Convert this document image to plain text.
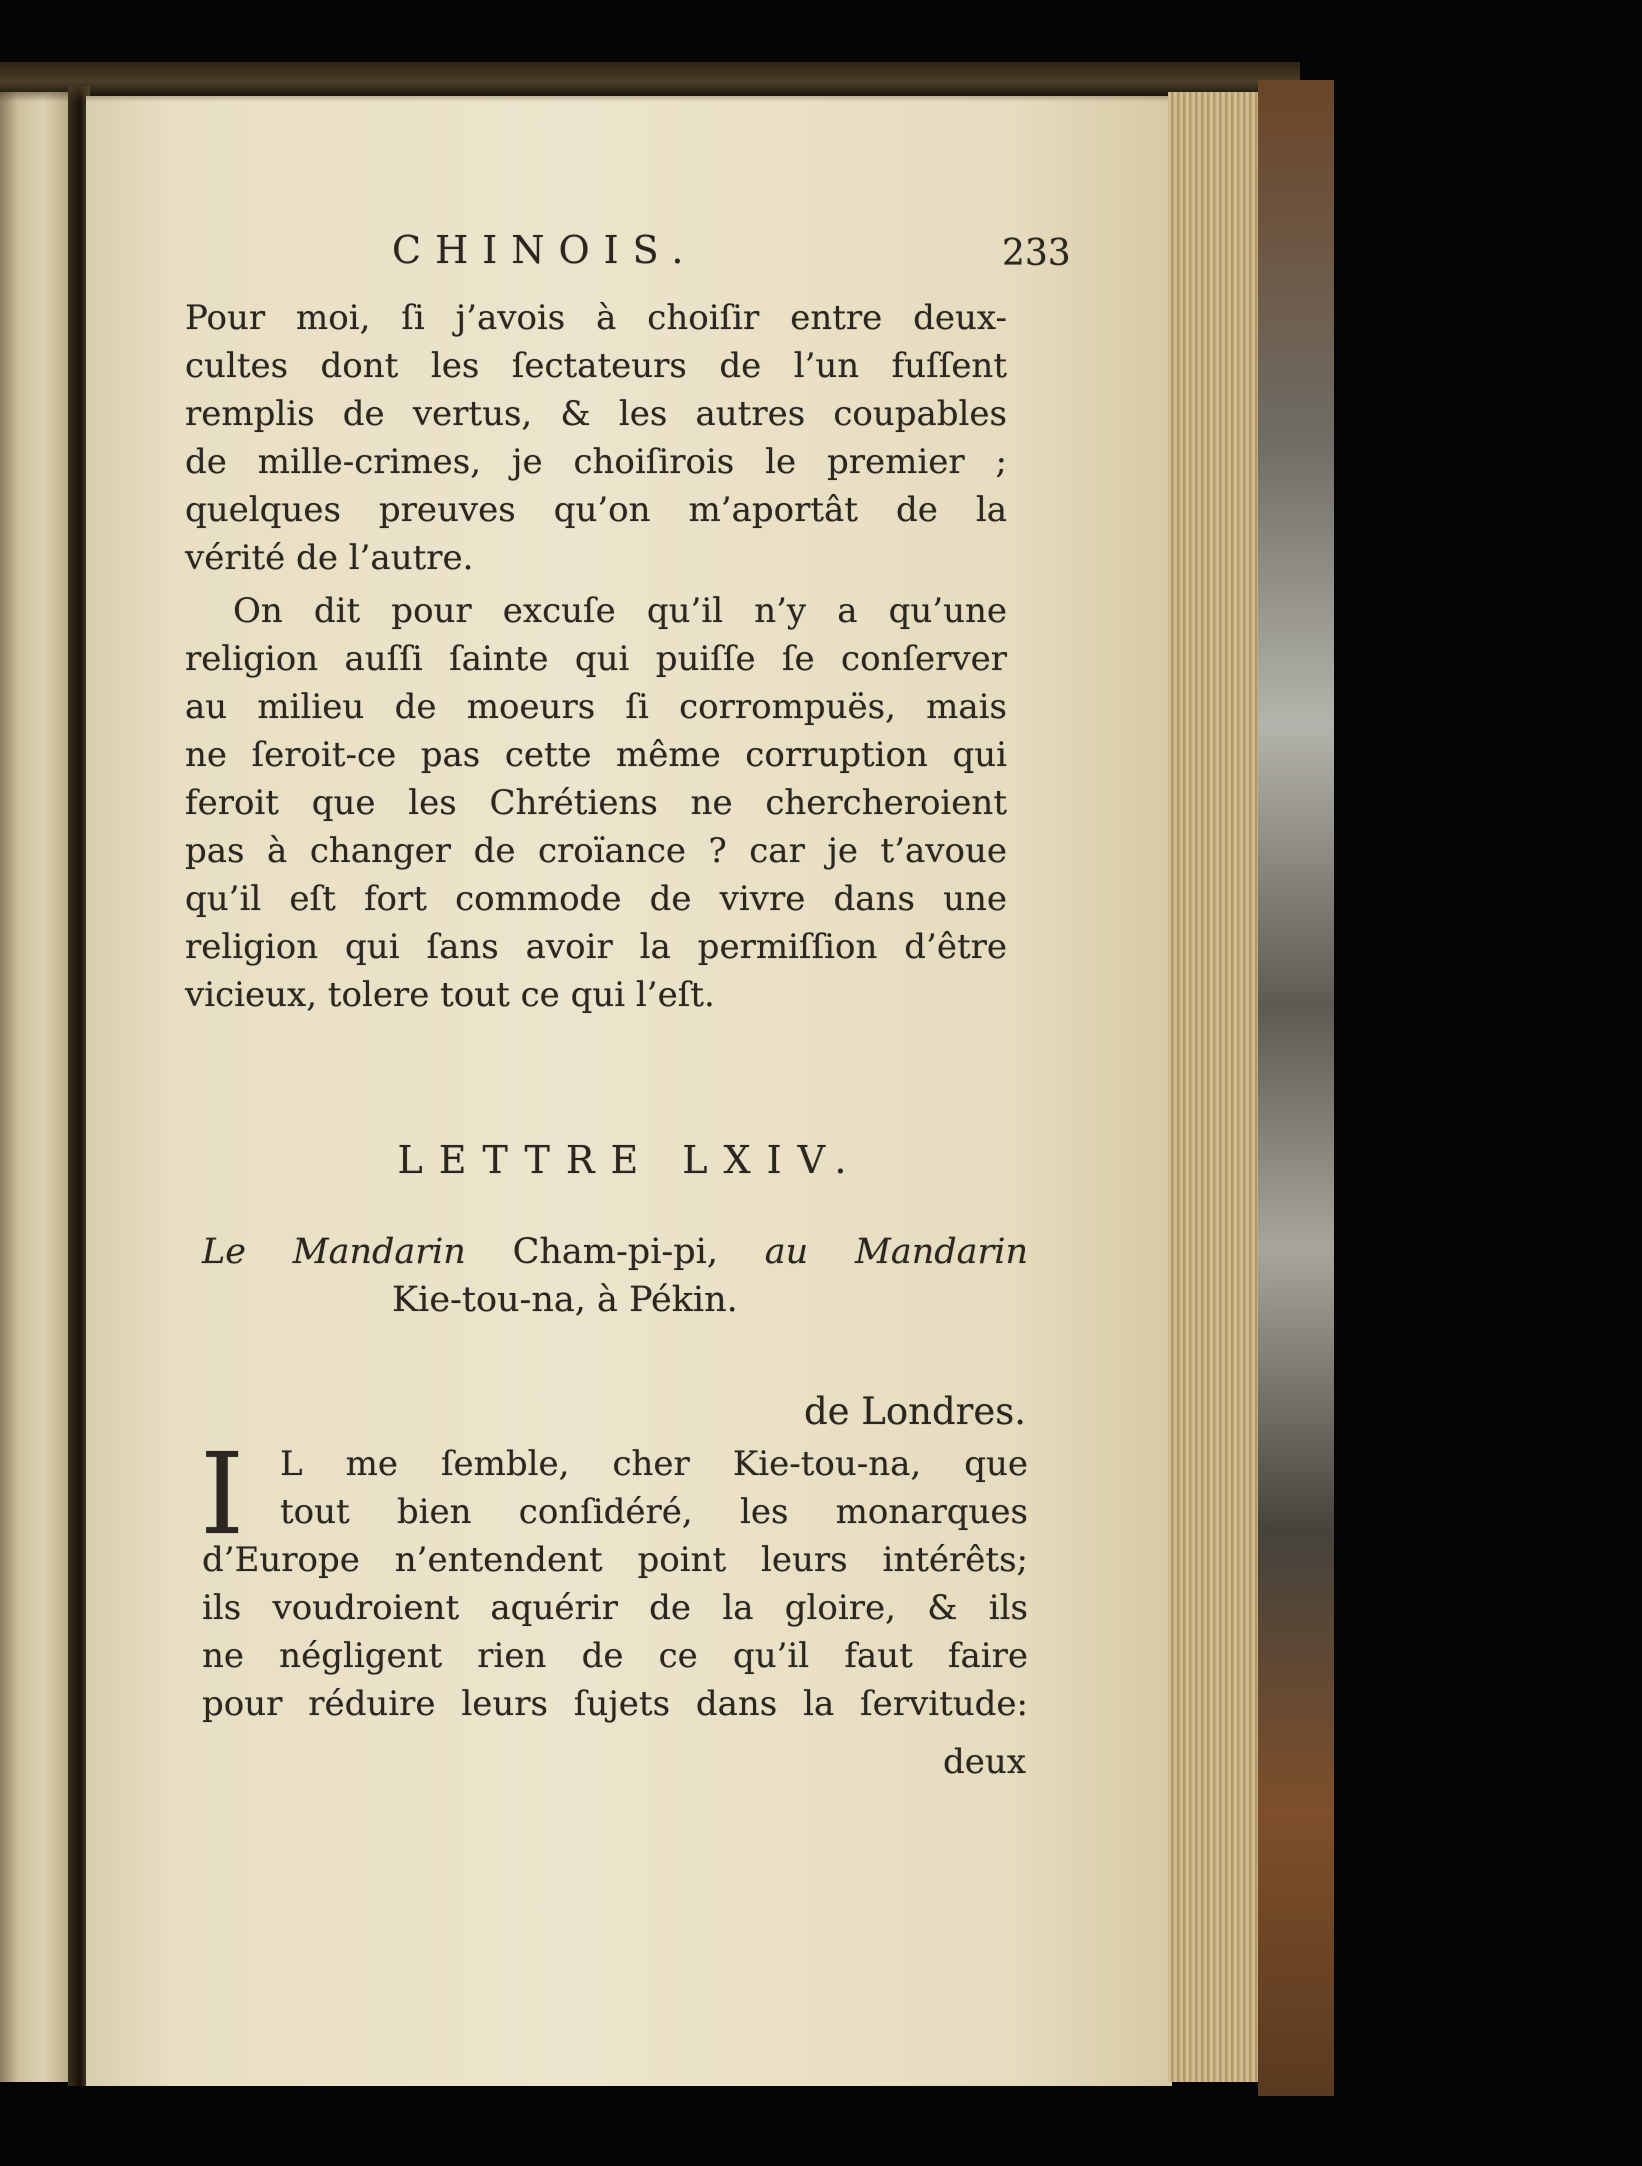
CHINOIS.	233
Pour moi, ſi j’avois à choiſir entre deux-
cultes dont les ſectateurs de l’un fuſſent
remplis de vertus, & les autres coupables
de mille-crimes, je choiſirois le premier ;
quelques preuves qu’on m’aportât de la
vérité de l’autre.
On dit pour excuſe qu’il n’y a qu’une
religion auſſi ſainte qui puiſſe ſe conſerver
au milieu de moeurs ſi corrompuës, mais
ne ſeroit-ce pas cette même corruption qui
feroit que les Chrétiens ne chercheroient
pas à changer de croïance ? car je t’avoue
qu’il eſt fort commode de vivre dans une
religion qui ſans avoir la permiſſion d’être
vicieux, tolere tout ce qui l’eſt.
LETTRE LXIV.
Le Mandarin Cham-pi-pi, au Mandarin
Kie-tou-na, à Pékin.
de Londres.
I	L me ſemble, cher Kie-tou-na, que
tout bien conſidéré, les monarques
d’Europe n’entendent point leurs intérêts;
ils voudroient aquérir de la gloire, & ils
ne négligent rien de ce qu’il faut faire
pour réduire leurs ſujets dans la ſervitude:
deux
